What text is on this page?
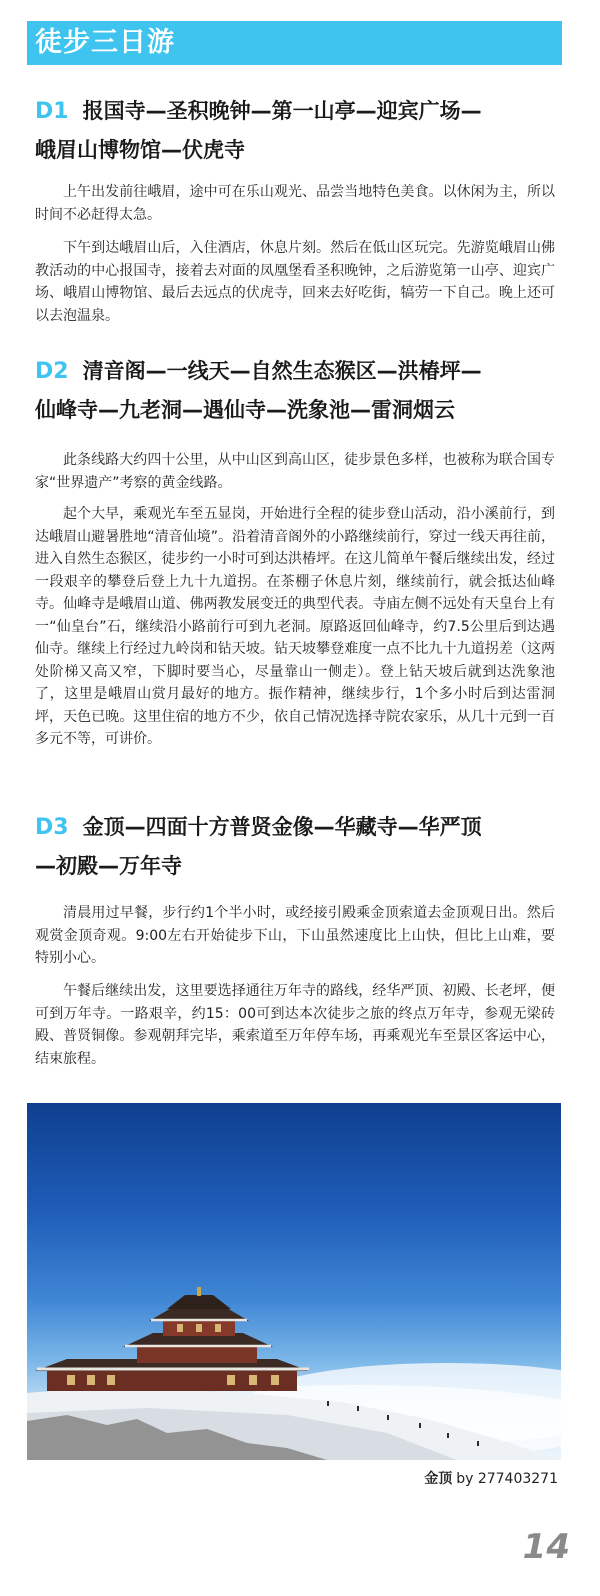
徒步三日游
D1 报国寺—圣积晚钟—第一山亭—迎宾广场—
峨眉山博物馆—伏虎寺

上午出发前往峨眉，途中可在乐山观光、品尝当地特色美食。以休闲为主，所以时间不必赶得太急。

下午到达峨眉山后，入住酒店，休息片刻。然后在低山区玩完。先游览峨眉山佛教活动的中心报国寺，接着去对面的凤凰堡看圣积晚钟，之后游览第一山亭、迎宾广场、峨眉山博物馆、最后去远点的伏虎寺，回来去好吃街，犒劳一下自己。晚上还可以去泡温泉。

D2 清音阁—一线天—自然生态猴区—洪椿坪—
仙峰寺—九老洞—遇仙寺—洗象池—雷洞烟云

此条线路大约四十公里，从中山区到高山区，徒步景色多样，也被称为联合国专家“世界遗产”考察的黄金线路。

起个大早，乘观光车至五显岗，开始进行全程的徒步登山活动，沿小溪前行，到达峨眉山避暑胜地“清音仙境”。沿着清音阁外的小路继续前行，穿过一线天再往前，进入自然生态猴区，徒步约一小时可到达洪椿坪。在这儿简单午餐后继续出发，经过一段艰辛的攀登后登上九十九道拐。在茶棚子休息片刻，继续前行，就会抵达仙峰寺。仙峰寺是峨眉山道、佛两教发展变迁的典型代表。寺庙左侧不远处有天皇台上有一“仙皇台”石，继续沿小路前行可到九老洞。原路返回仙峰寺，约7.5公里后到达遇仙寺。继续上行经过九岭岗和钻天坡。钻天坡攀登难度一点不比九十九道拐差（这两处阶梯又高又窄，下脚时要当心，尽量靠山一侧走）。登上钻天坡后就到达洗象池了，这里是峨眉山赏月最好的地方。振作精神，继续步行，1个多小时后到达雷洞坪，天色已晚。这里住宿的地方不少，依自己情况选择寺院农家乐，从几十元到一百多元不等，可讲价。

D3 金顶—四面十方普贤金像—华藏寺—华严顶
—初殿—万年寺

清晨用过早餐，步行约1个半小时，或经接引殿乘金顶索道去金顶观日出。然后观赏金顶奇观。9:00左右开始徒步下山，下山虽然速度比上山快，但比上山难，要特别小心。

午餐后继续出发，这里要选择通往万年寺的路线，经华严顶、初殿、长老坪，便可到万年寺。一路艰辛，约15：00可到达本次徒步之旅的终点万年寺，参观无梁砖殿、普贤铜像。参观朝拜完毕，乘索道至万年停车场，再乘观光车至景区客运中心，结束旅程。

金顶 by 277403271
14
